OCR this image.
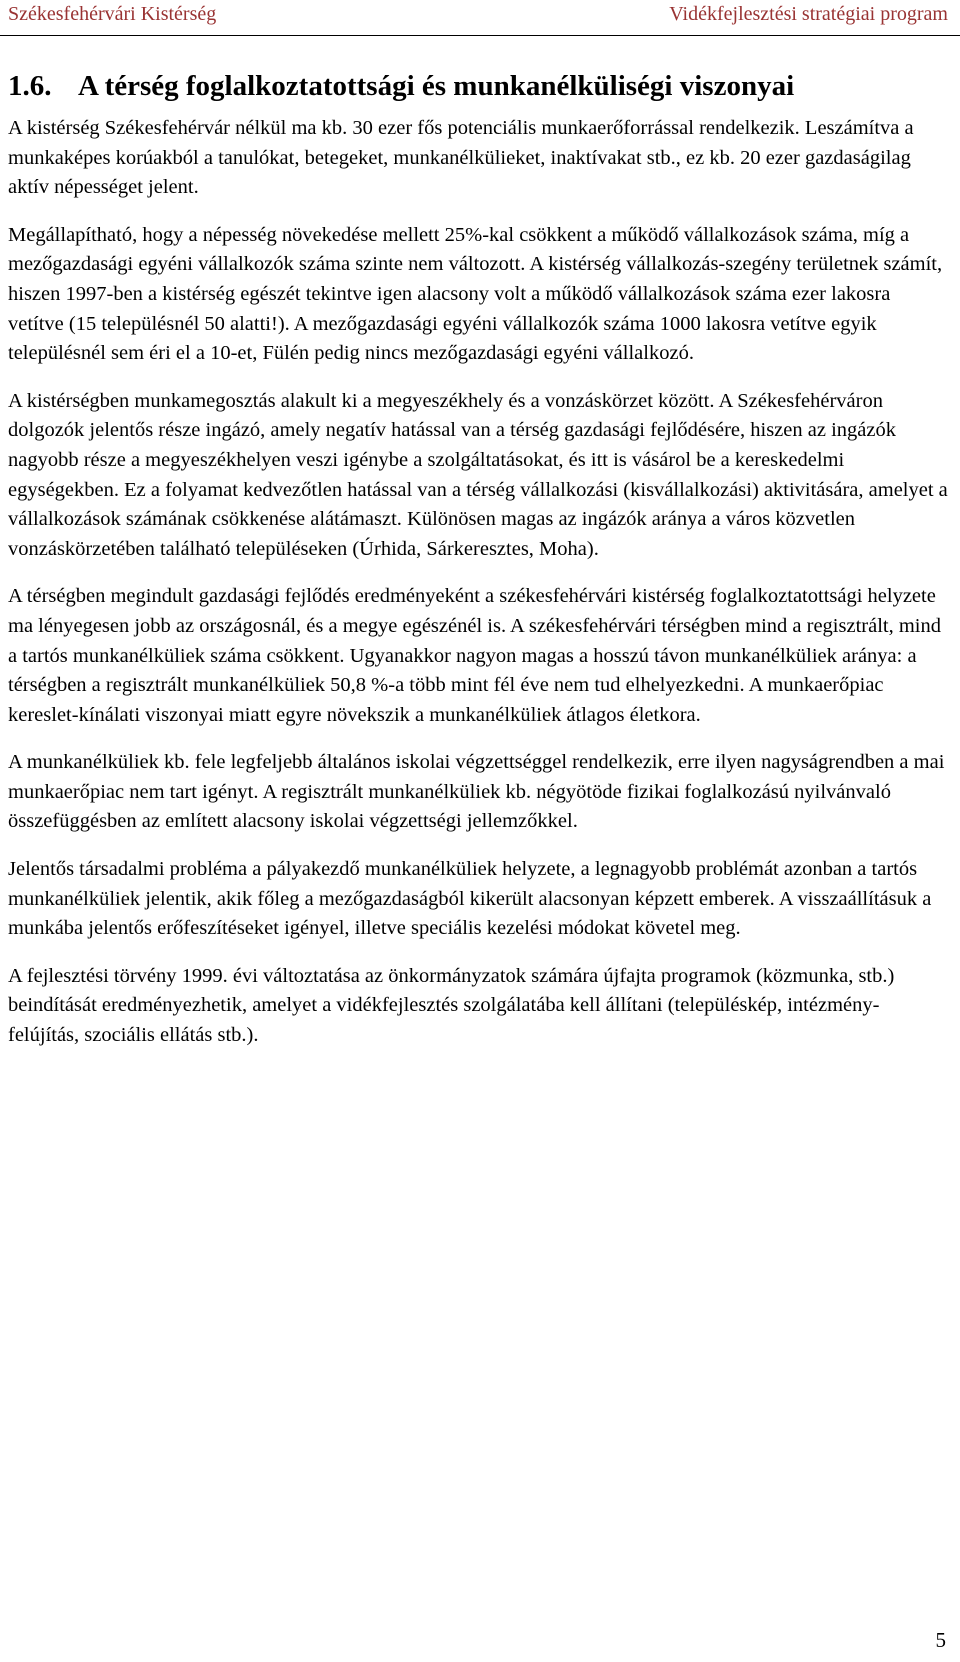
Székesfehérvári Kistérség	Vidékfejlesztési stratégiai program
1.6. A térség foglalkoztatottsági és munkanélküliségi viszonyai

A kistérség Székesfehérvár nélkül ma kb. 30 ezer fős potenciális munkaerőforrással rendelkezik. Leszámítva a munkaképes korúakból a tanulókat, betegeket, munkanélkülieket, inaktívakat stb., ez kb. 20 ezer gazdaságilag aktív népességet jelent.

Megállapítható, hogy a népesség növekedése mellett 25%-kal csökkent a működő vállalkozások száma, míg a mezőgazdasági egyéni vállalkozók száma szinte nem változott. A kistérség vállalkozás-szegény területnek számít, hiszen 1997-ben a kistérség egészét tekintve igen alacsony volt a működő vállalkozások száma ezer lakosra vetítve (15 településnél 50 alatti!). A mezőgazdasági egyéni vállalkozók száma 1000 lakosra vetítve egyik településnél sem éri el a 10-et, Fülén pedig nincs mezőgazdasági egyéni vállalkozó.

A kistérségben munkamegosztás alakult ki a megyeszékhely és a vonzáskörzet között. A Székesfehérváron dolgozók jelentős része ingázó, amely negatív hatással van a térség gazdasági fejlődésére, hiszen az ingázók nagyobb része a megyeszékhelyen veszi igénybe a szolgáltatásokat, és itt is vásárol be a kereskedelmi egységekben. Ez a folyamat kedvezőtlen hatással van a térség vállalkozási (kisvállalkozási) aktivitására, amelyet a vállalkozások számának csökkenése alátámaszt. Különösen magas az ingázók aránya a város közvetlen vonzáskörzetében található településeken (Úrhida, Sárkeresztes, Moha).

A térségben megindult gazdasági fejlődés eredményeként a székesfehérvári kistérség foglalkoztatottsági helyzete ma lényegesen jobb az országosnál, és a megye egészénél is. A székesfehérvári térségben mind a regisztrált, mind a tartós munkanélküliek száma csökkent. Ugyanakkor nagyon magas a hosszú távon munkanélküliek aránya: a térségben a regisztrált munkanélküliek 50,8 %-a több mint fél éve nem tud elhelyezkedni. A munkaerőpiac kereslet-kínálati viszonyai miatt egyre növekszik a munkanélküliek átlagos életkora.

A munkanélküliek kb. fele legfeljebb általános iskolai végzettséggel rendelkezik, erre ilyen nagyságrendben a mai munkaerőpiac nem tart igényt. A regisztrált munkanélküliek kb. négyötöde fizikai foglalkozású nyilvánvaló összefüggésben az említett alacsony iskolai végzettségi jellemzőkkel.

Jelentős társadalmi probléma a pályakezdő munkanélküliek helyzete, a legnagyobb problémát azonban a tartós munkanélküliek jelentik, akik főleg a mezőgazdaságból kikerült alacsonyan képzett emberek. A visszaállításuk a munkába jelentős erőfeszítéseket igényel, illetve speciális kezelési módokat követel meg.

A fejlesztési törvény 1999. évi változtatása az önkormányzatok számára újfajta programok (közmunka, stb.) beindítását eredményezhetik, amelyet a vidékfejlesztés szolgálatába kell állítani (településkép, intézmény-felújítás, szociális ellátás stb.).

5
